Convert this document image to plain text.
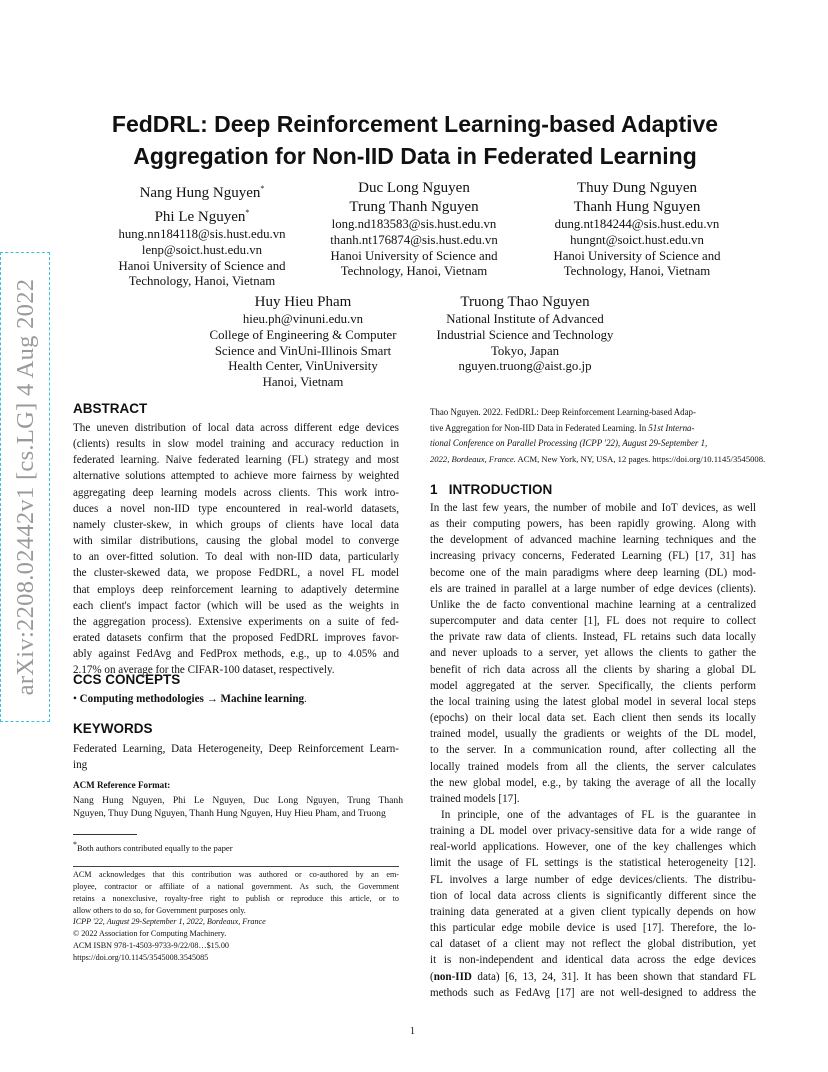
arXiv:2208.02442v1 [cs.LG] 4 Aug 2022
FedDRL: Deep Reinforcement Learning-based Adaptive
Aggregation for Non-IID Data in Federated Learning
Nang Hung Nguyen*
Phi Le Nguyen*
hung.nn184118@sis.hust.edu.vn
lenp@soict.hust.edu.vn
Hanoi University of Science and
Technology, Hanoi, Vietnam
Duc Long Nguyen
Trung Thanh Nguyen
long.nd183583@sis.hust.edu.vn
thanh.nt176874@sis.hust.edu.vn
Hanoi University of Science and
Technology, Hanoi, Vietnam
Thuy Dung Nguyen
Thanh Hung Nguyen
dung.nt184244@sis.hust.edu.vn
hungnt@soict.hust.edu.vn
Hanoi University of Science and
Technology, Hanoi, Vietnam
Huy Hieu Pham
hieu.ph@vinuni.edu.vn
College of Engineering & Computer
Science and VinUni-Illinois Smart
Health Center, VinUniversity
Hanoi, Vietnam
Truong Thao Nguyen
National Institute of Advanced
Industrial Science and Technology
Tokyo, Japan
nguyen.truong@aist.go.jp
ABSTRACT
The uneven distribution of local data across different edge devices
(clients) results in slow model training and accuracy reduction in
federated learning. Naive federated learning (FL) strategy and most
alternative solutions attempted to achieve more fairness by weighted
aggregating deep learning models across clients. This work intro-
duces a novel non-IID type encountered in real-world datasets,
namely cluster-skew, in which groups of clients have local data
with similar distributions, causing the global model to converge
to an over-fitted solution. To deal with non-IID data, particularly
the cluster-skewed data, we propose FedDRL, a novel FL model
that employs deep reinforcement learning to adaptively determine
each client's impact factor (which will be used as the weights in
the aggregation process). Extensive experiments on a suite of fed-
erated datasets confirm that the proposed FedDRL improves favor-
ably against FedAvg and FedProx methods, e.g., up to 4.05% and
2.17% on average for the CIFAR-100 dataset, respectively.
CCS CONCEPTS
• Computing methodologies → Machine learning.
KEYWORDS
Federated Learning, Data Heterogeneity, Deep Reinforcement Learn-
ing
ACM Reference Format:
Nang Hung Nguyen, Phi Le Nguyen, Duc Long Nguyen, Trung Thanh
Nguyen, Thuy Dung Nguyen, Thanh Hung Nguyen, Huy Hieu Pham, and Truong
*Both authors contributed equally to the paper
ACM acknowledges that this contribution was authored or co-authored by an em-
ployee, contractor or affiliate of a national government. As such, the Government
retains a nonexclusive, royalty-free right to publish or reproduce this article, or to
allow others to do so, for Government purposes only.
ICPP '22, August 29-September 1, 2022, Bordeaux, France
© 2022 Association for Computing Machinery.
ACM ISBN 978-1-4503-9733-9/22/08…$15.00
https://doi.org/10.1145/3545008.3545085
Thao Nguyen. 2022. FedDRL: Deep Reinforcement Learning-based Adap-
tive Aggregation for Non-IID Data in Federated Learning. In 51st Interna-
tional Conference on Parallel Processing (ICPP '22), August 29-September 1,
2022, Bordeaux, France. ACM, New York, NY, USA, 12 pages. https://doi.org/10.1145/3545008.
1 INTRODUCTION
In the last few years, the number of mobile and IoT devices, as well
as their computing powers, has been rapidly growing. Along with
the development of advanced machine learning techniques and the
increasing privacy concerns, Federated Learning (FL) [17, 31] has
become one of the main paradigms where deep learning (DL) mod-
els are trained in parallel at a large number of edge devices (clients).
Unlike the de facto conventional machine learning at a centralized
supercomputer and data center [1], FL does not require to collect
the private raw data of clients. Instead, FL retains such data locally
and never uploads to a server, yet allows the clients to gather the
benefit of rich data across all the clients by sharing a global DL
model aggregated at the server. Specifically, the clients perform
the local training using the latest global model in several local steps
(epochs) on their local data set. Each client then sends its locally
trained model, usually the gradients or weights of the DL model,
to the server. In a communication round, after collecting all the
locally trained models from all the clients, the server calculates
the new global model, e.g., by taking the average of all the locally
trained models [17].
In principle, one of the advantages of FL is the guarantee in
training a DL model over privacy-sensitive data for a wide range of
real-world applications. However, one of the key challenges which
limit the usage of FL settings is the statistical heterogeneity [12].
FL involves a large number of edge devices/clients. The distribu-
tion of local data across clients is significantly different since the
training data generated at a given client typically depends on how
this particular edge mobile device is used [17]. Therefore, the lo-
cal dataset of a client may not reflect the global distribution, yet
it is non-independent and identical data across the edge devices
(non-IID data) [6, 13, 24, 31]. It has been shown that standard FL
methods such as FedAvg [17] are not well-designed to address the
1
